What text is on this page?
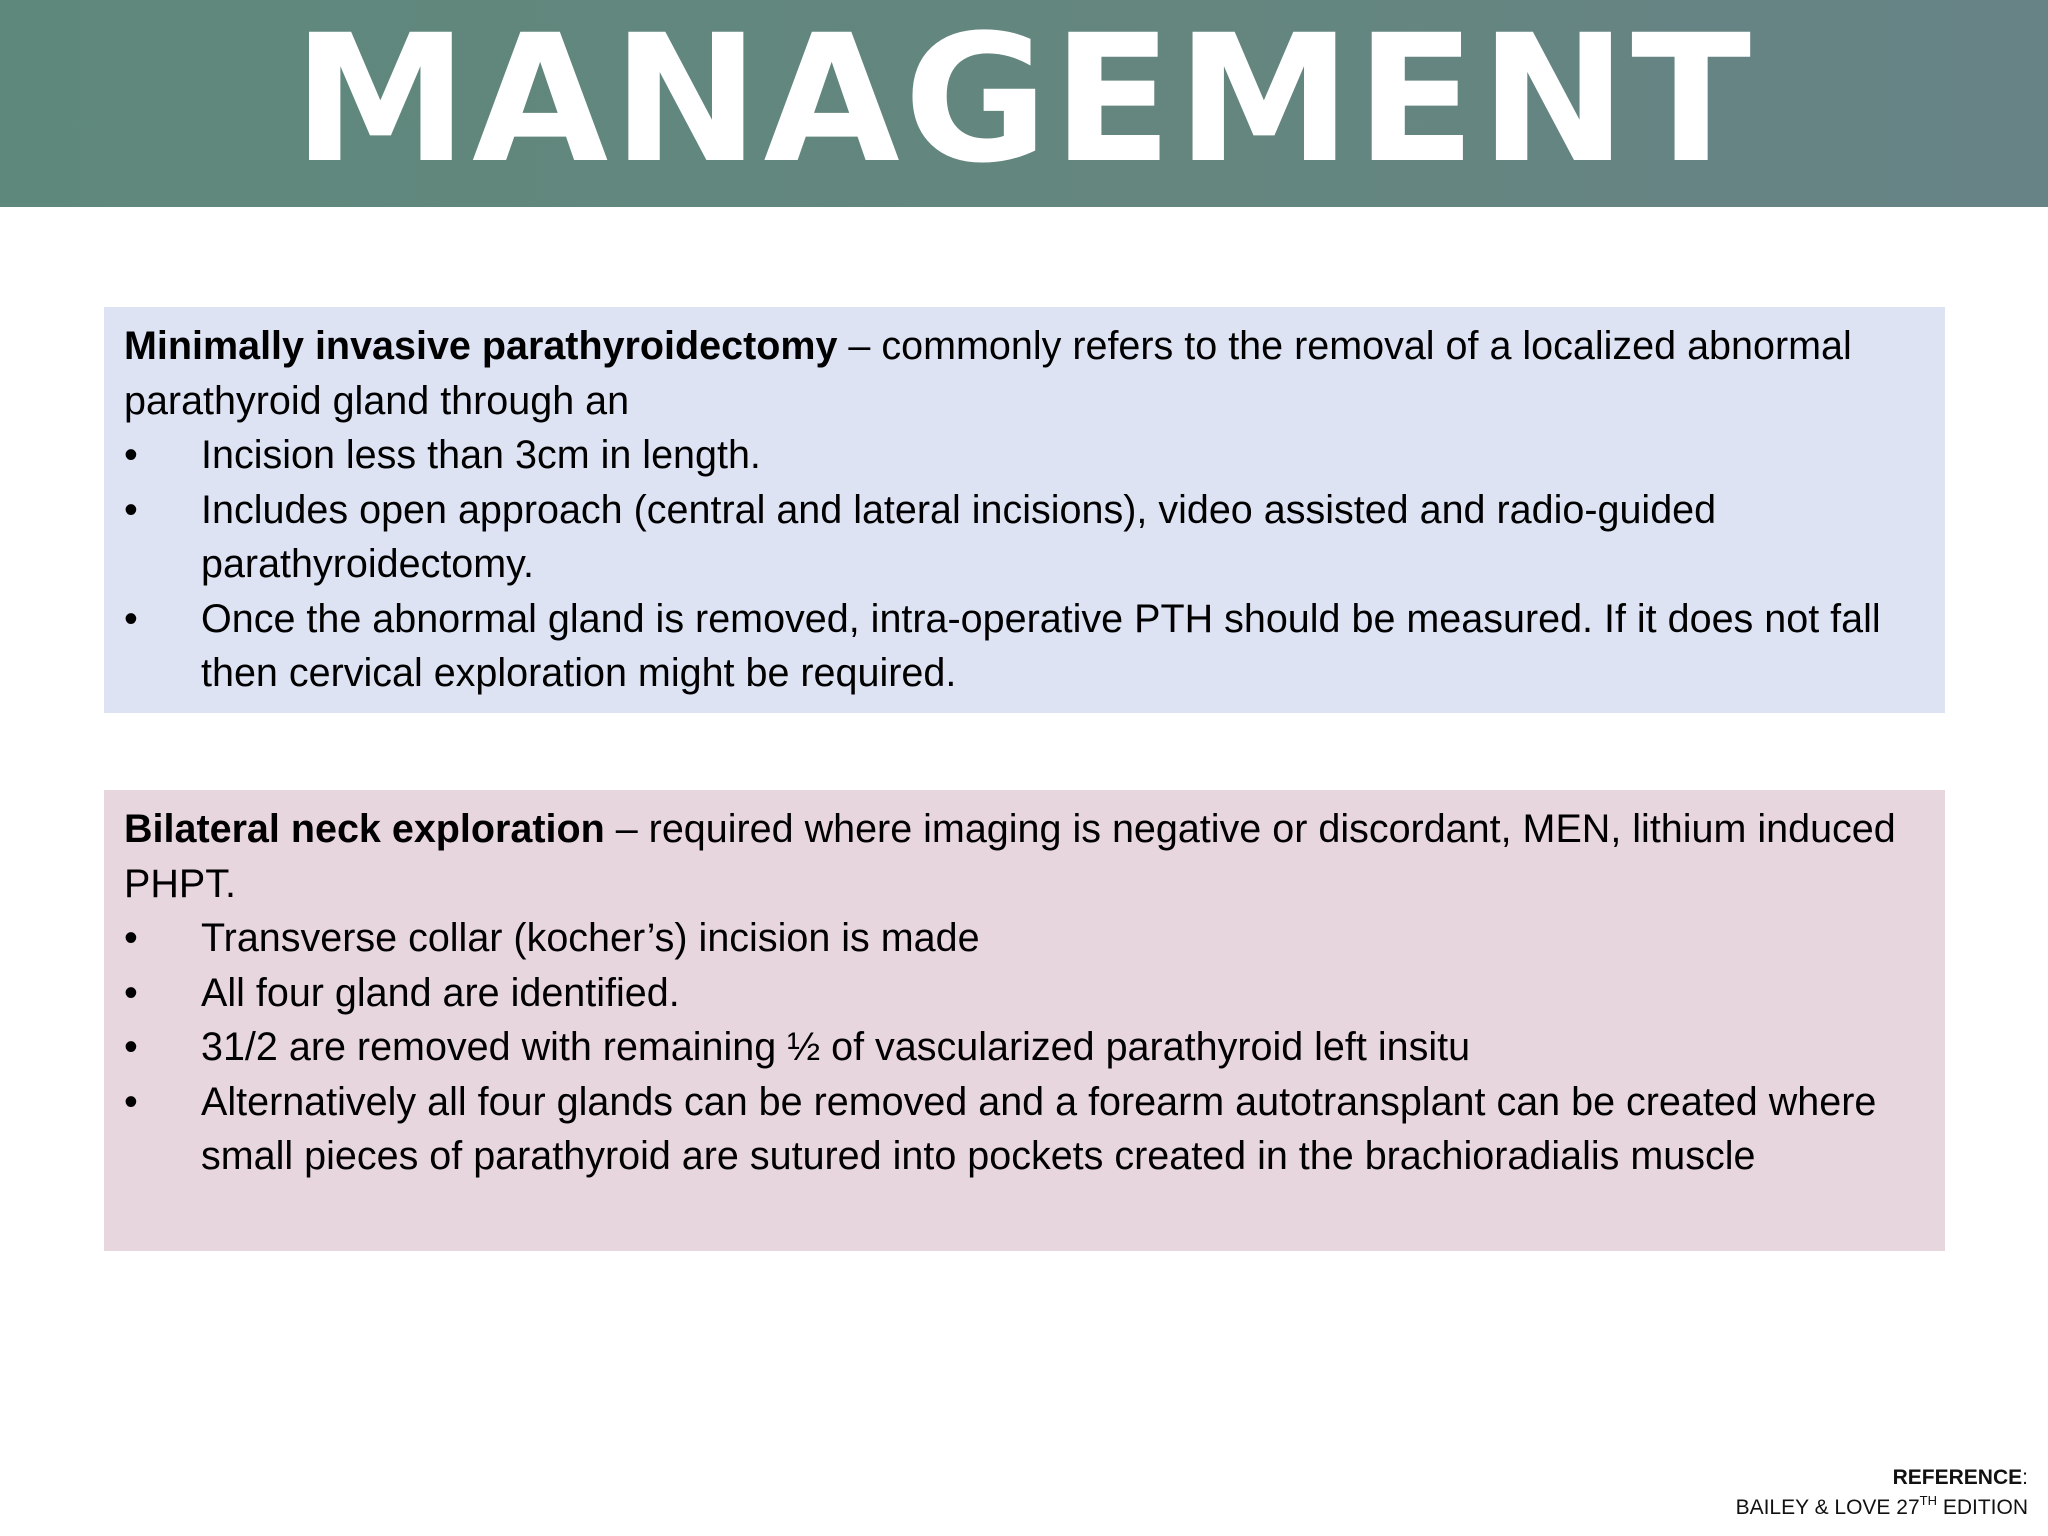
MANAGEMENT
Minimally invasive parathyroidectomy – commonly refers to the removal of a localized abnormal parathyroid gland through an
• Incision less than 3cm in length.
• Includes open approach (central and lateral incisions), video assisted and radio-guided parathyroidectomy.
• Once the abnormal gland is removed, intra-operative PTH should be measured. If it does not fall then cervical exploration might be required.
Bilateral neck exploration – required where imaging is negative or discordant, MEN, lithium induced PHPT.
• Transverse collar (kocher’s) incision is made
• All four gland are identified.
• 31/2 are removed with remaining ½ of vascularized parathyroid left insitu
• Alternatively all four glands can be removed and a forearm autotransplant can be created where small pieces of parathyroid are sutured into pockets created in the brachioradialis muscle
REFERENCE:
BAILEY & LOVE 27TH EDITION
